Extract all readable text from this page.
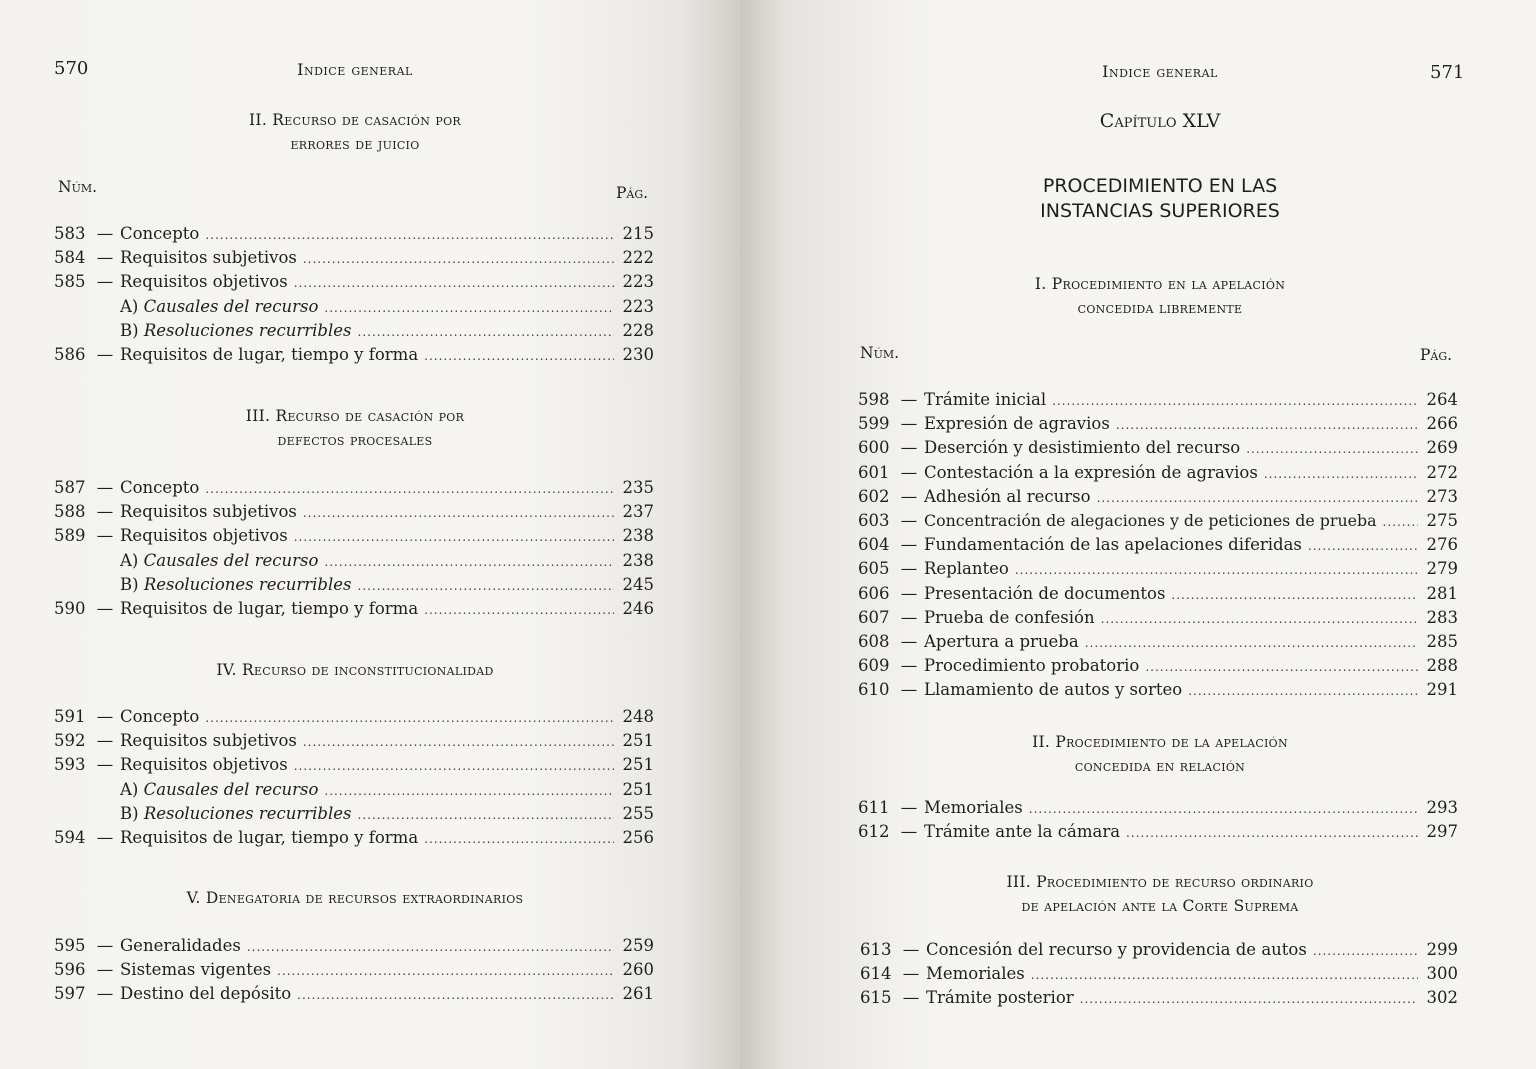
570	Indice general
II. Recurso de casación por
errores de juicio
Núm.	Pág.
583 — Concepto .....	215
584 — Requisitos subjetivos .....	222
585 — Requisitos objetivos .....	223
A) Causales del recurso .....	223
B) Resoluciones recurribles .....	228
586 — Requisitos de lugar, tiempo y forma .....	230
III. Recurso de casación por
defectos procesales
587 — Concepto .....	235
588 — Requisitos subjetivos .....	237
589 — Requisitos objetivos .....	238
A) Causales del recurso .....	238
B) Resoluciones recurribles .....	245
590 — Requisitos de lugar, tiempo y forma .....	246
IV. Recurso de inconstitucionalidad
591 — Concepto .....	248
592 — Requisitos subjetivos .....	251
593 — Requisitos objetivos .....	251
A) Causales del recurso .....	251
B) Resoluciones recurribles .....	255
594 — Requisitos de lugar, tiempo y forma .....	256
V. Denegatoria de recursos extraordinarios
595 — Generalidades .....	259
596 — Sistemas vigentes .....	260
597 — Destino del depósito .....	261
Indice general	571
Capítulo XLV
PROCEDIMIENTO EN LAS
INSTANCIAS SUPERIORES
I. Procedimiento en la apelación
concedida libremente
Núm.	Pág.
598 — Trámite inicial .....	264
599 — Expresión de agravios .....	266
600 — Deserción y desistimiento del recurso .....	269
601 — Contestación a la expresión de agravios .....	272
602 — Adhesión al recurso .....	273
603 — Concentración de alegaciones y de peticiones de prueba .....	275
604 — Fundamentación de las apelaciones diferidas .....	276
605 — Replanteo .....	279
606 — Presentación de documentos .....	281
607 — Prueba de confesión .....	283
608 — Apertura a prueba .....	285
609 — Procedimiento probatorio .....	288
610 — Llamamiento de autos y sorteo .....	291
II. Procedimiento de la apelación
concedida en relación
611 — Memoriales .....	293
612 — Trámite ante la cámara .....	297
III. Procedimiento de recurso ordinario
de apelación ante la Corte Suprema
613 — Concesión del recurso y providencia de autos .....	299
614 — Memoriales .....	300
615 — Trámite posterior .....	302
